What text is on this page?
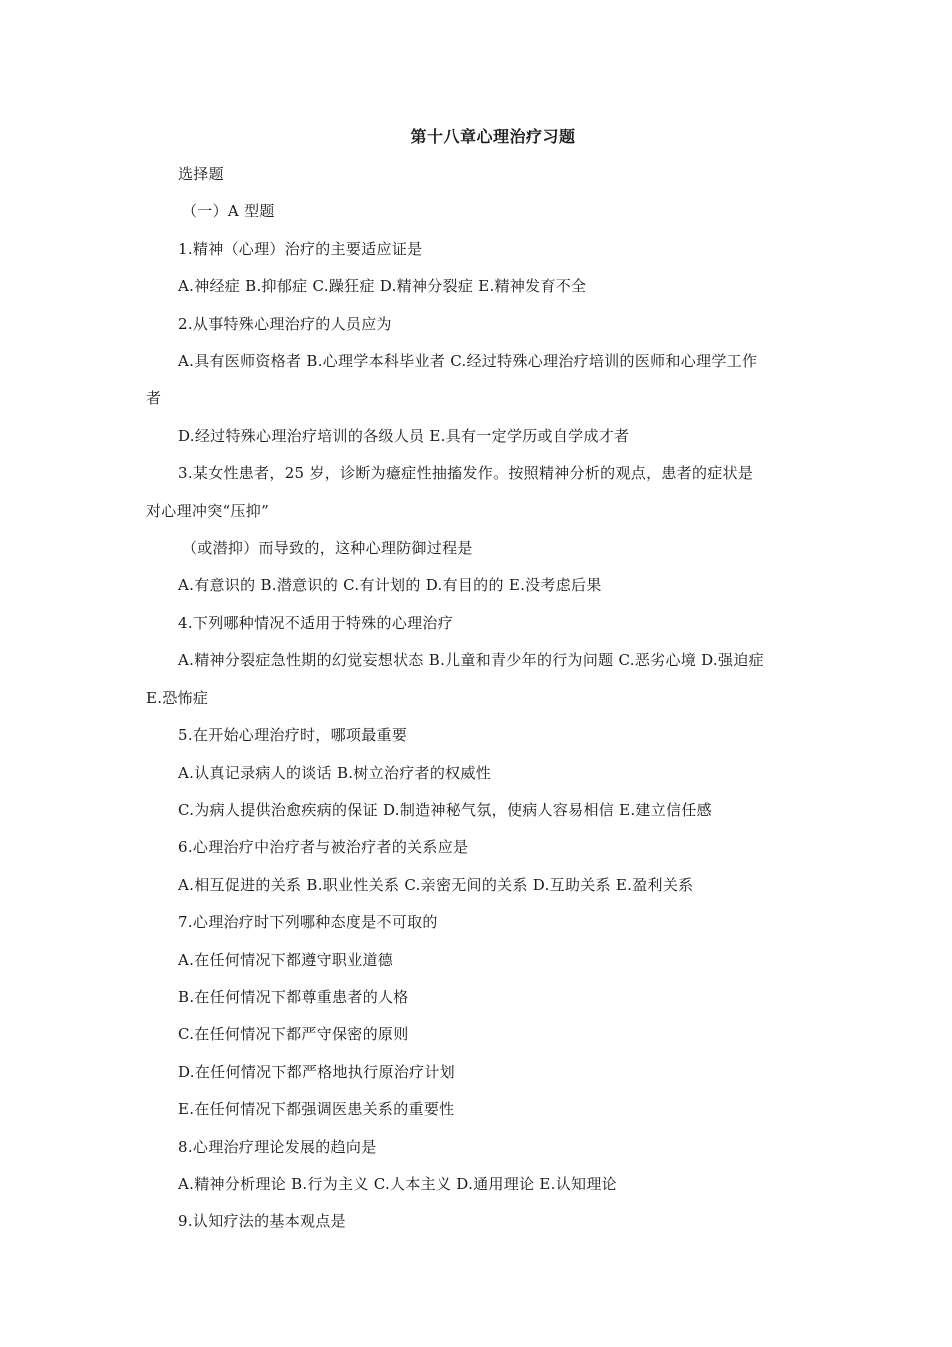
第十八章心理治疗习题
选择题
（一）A 型题
1.精神（心理）治疗的主要适应证是
A.神经症 B.抑郁症 C.躁狂症 D.精神分裂症 E.精神发育不全
2.从事特殊心理治疗的人员应为
A.具有医师资格者 B.心理学本科毕业者 C.经过特殊心理治疗培训的医师和心理学工作
者
D.经过特殊心理治疗培训的各级人员 E.具有一定学历或自学成才者
3.某女性患者，25 岁，诊断为癔症性抽搐发作。按照精神分析的观点，患者的症状是
对心理冲突“压抑”
（或潜抑）而导致的，这种心理防御过程是
A.有意识的 B.潜意识的 C.有计划的 D.有目的的 E.没考虑后果
4.下列哪种情况不适用于特殊的心理治疗
A.精神分裂症急性期的幻觉妄想状态 B.儿童和青少年的行为问题 C.恶劣心境 D.强迫症
E.恐怖症
5.在开始心理治疗时，哪项最重要
A.认真记录病人的谈话 B.树立治疗者的权威性
C.为病人提供治愈疾病的保证 D.制造神秘气氛，使病人容易相信 E.建立信任感
6.心理治疗中治疗者与被治疗者的关系应是
A.相互促进的关系 B.职业性关系 C.亲密无间的关系 D.互助关系 E.盈利关系
7.心理治疗时下列哪种态度是不可取的
A.在任何情况下都遵守职业道德
B.在任何情况下都尊重患者的人格
C.在任何情况下都严守保密的原则
D.在任何情况下都严格地执行原治疗计划
E.在任何情况下都强调医患关系的重要性
8.心理治疗理论发展的趋向是
A.精神分析理论 B.行为主义 C.人本主义 D.通用理论 E.认知理论
9.认知疗法的基本观点是
